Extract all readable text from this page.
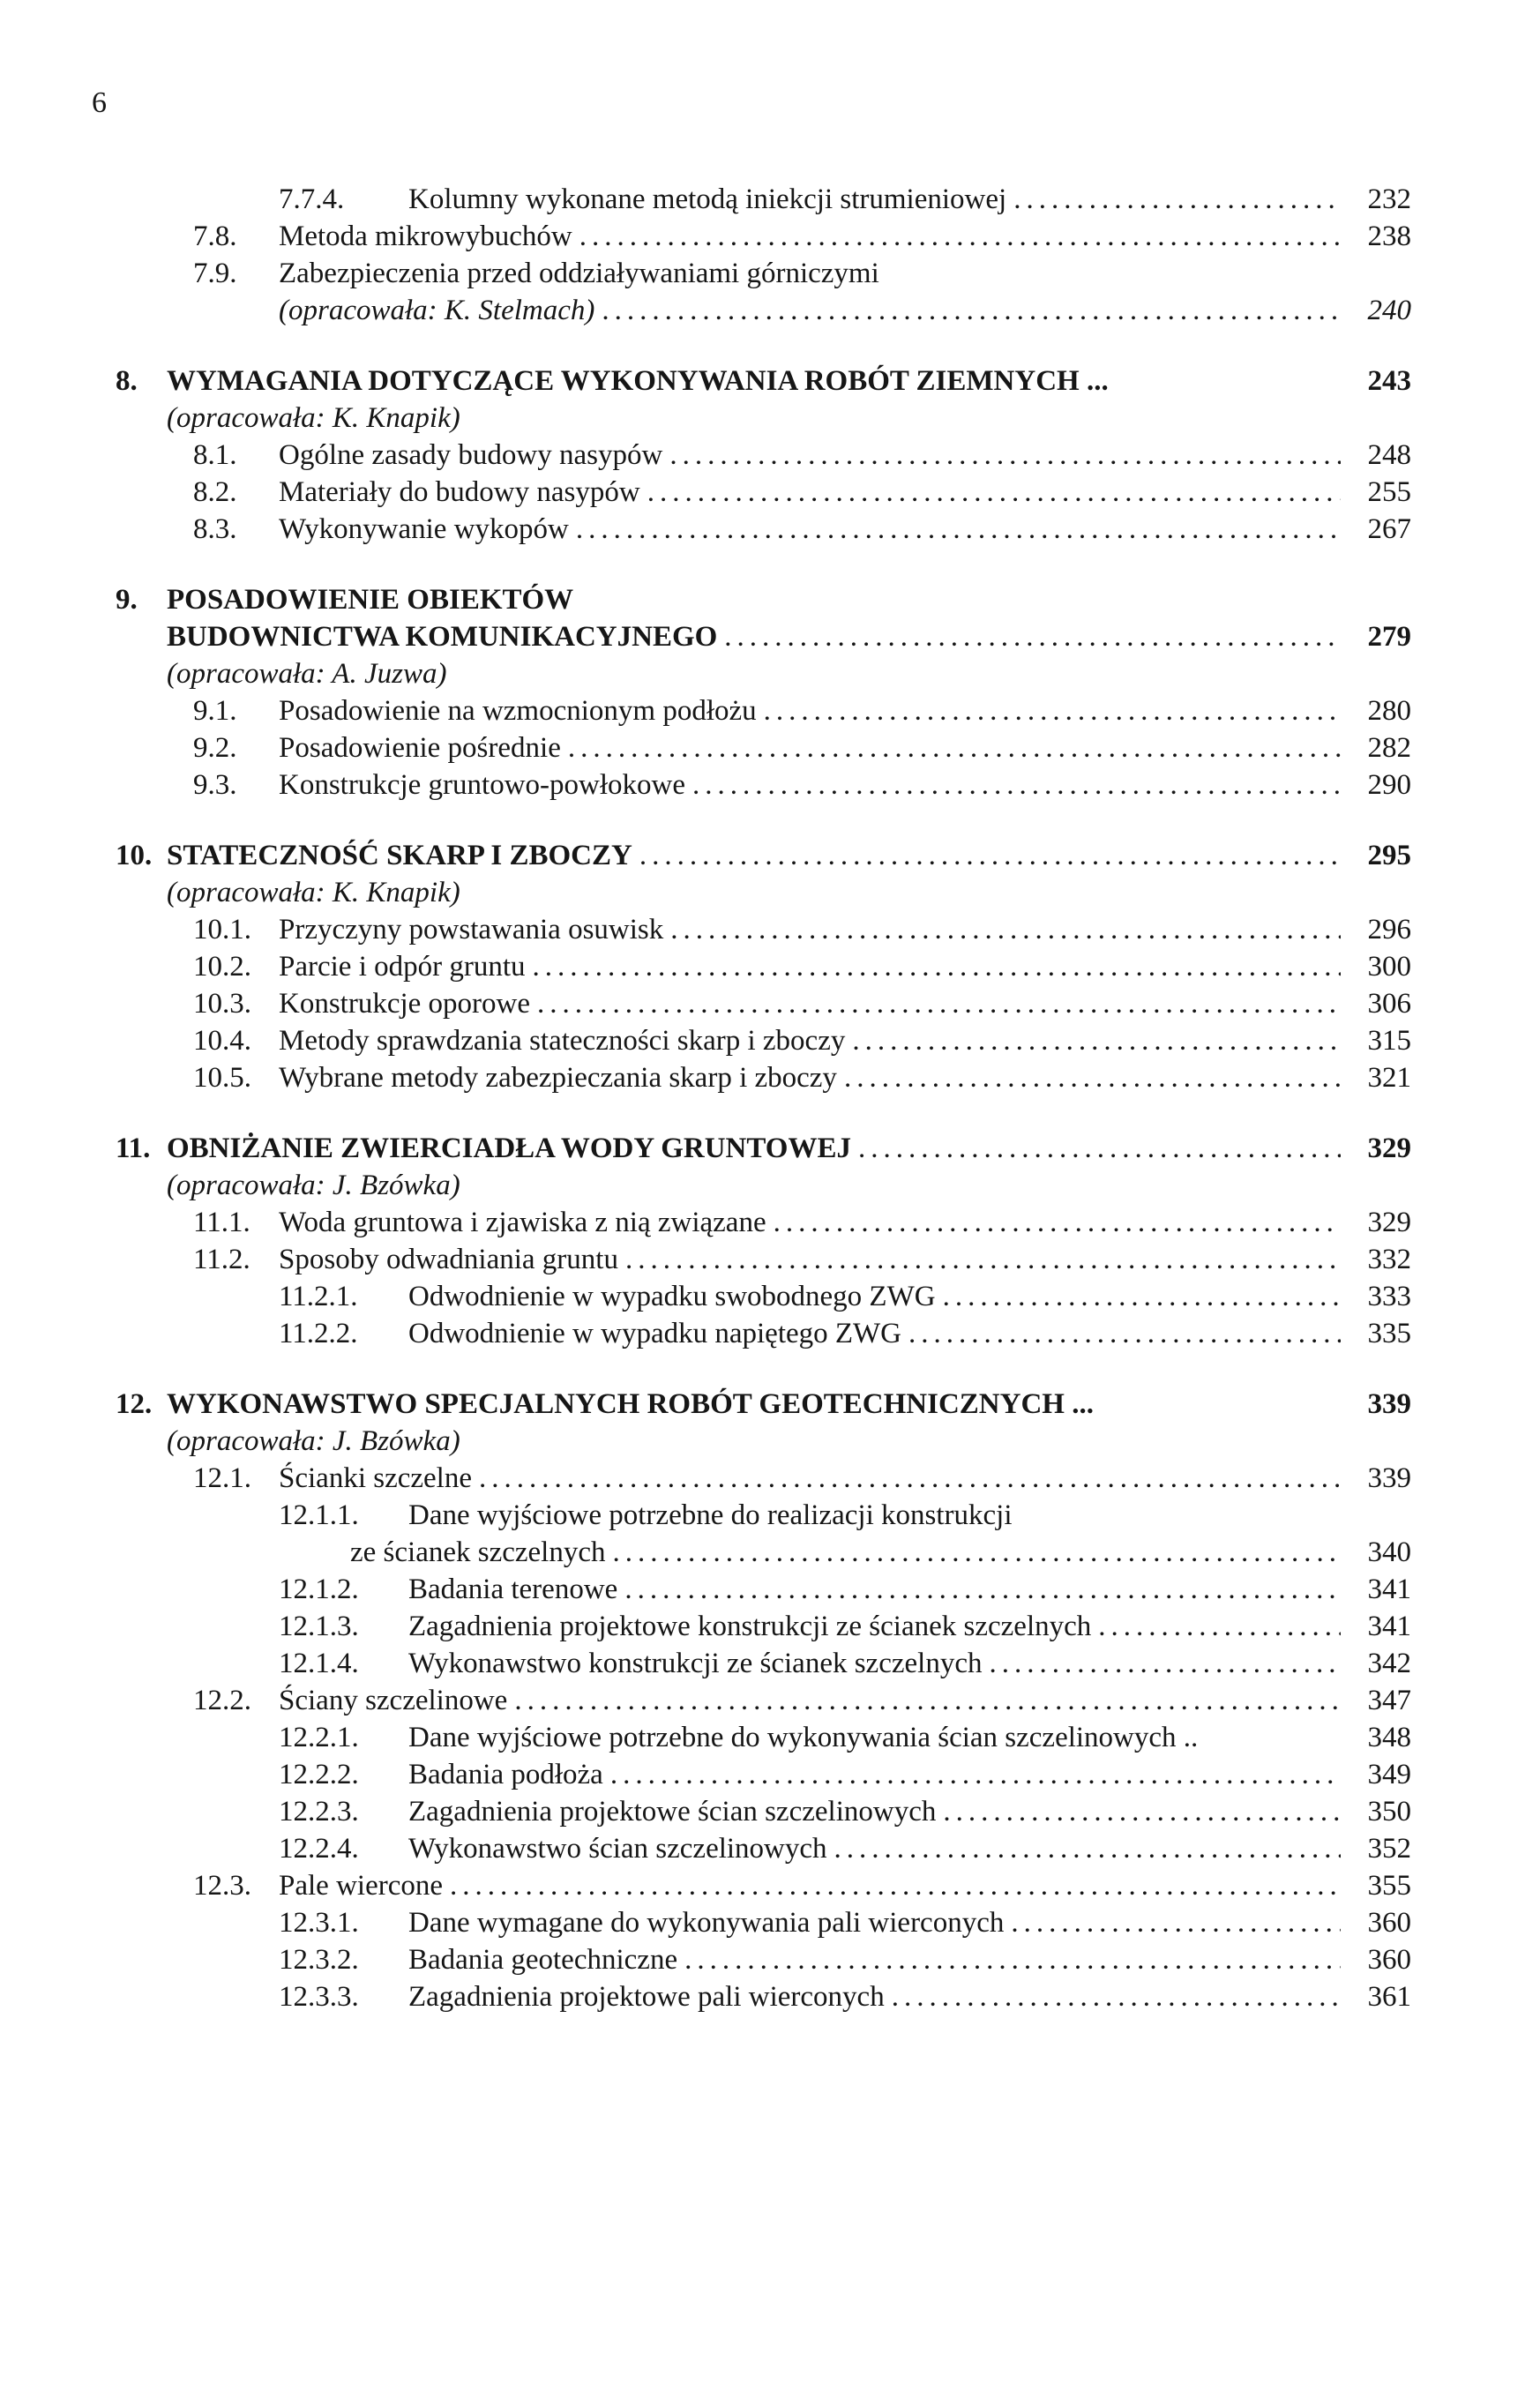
6
7.7.4.	Kolumny wykonane metodą iniekcji strumieniowej .....	232
7.8.	Metoda mikrowybuchów .....	238
7.9.	Zabezpieczenia przed oddziaływaniami górniczymi
(opracowała: K. Stelmach) .....	240
8.	WYMAGANIA DOTYCZĄCE WYKONYWANIA ROBÓT ZIEMNYCH ...	243
(opracowała: K. Knapik)
8.1.	Ogólne zasady budowy nasypów .....	248
8.2.	Materiały do budowy nasypów .....	255
8.3.	Wykonywanie wykopów .....	267
9.	POSADOWIENIE OBIEKTÓW
BUDOWNICTWA KOMUNIKACYJNEGO .....	279
(opracowała: A. Juzwa)
9.1.	Posadowienie na wzmocnionym podłożu .....	280
9.2.	Posadowienie pośrednie .....	282
9.3.	Konstrukcje gruntowo-powłokowe .....	290
10. STATECZNOŚĆ SKARP I ZBOCZY .....	295
(opracowała: K. Knapik)
10.1. Przyczyny powstawania osuwisk .....	296
10.2. Parcie i odpór gruntu .....	300
10.3. Konstrukcje oporowe .....	306
10.4. Metody sprawdzania stateczności skarp i zboczy .....	315
10.5. Wybrane metody zabezpieczania skarp i zboczy .....	321
11. OBNIŻANIE ZWIERCIADŁA WODY GRUNTOWEJ .....	329
(opracowała: J. Bzówka)
11.1. Woda gruntowa i zjawiska z nią związane .....	329
11.2. Sposoby odwadniania gruntu .....	332
11.2.1.	Odwodnienie w wypadku swobodnego ZWG .....	333
11.2.2.	Odwodnienie w wypadku napiętego ZWG .....	335
12. WYKONAWSTWO SPECJALNYCH ROBÓT GEOTECHNICZNYCH ...	339
(opracowała: J. Bzówka)
12.1. Ścianki szczelne .....	339
12.1.1.	Dane wyjściowe potrzebne do realizacji konstrukcji
ze ścianek szczelnych .....	340
12.1.2.	Badania terenowe .....	341
12.1.3.	Zagadnienia projektowe konstrukcji ze ścianek szczelnych .....	341
12.1.4.	Wykonawstwo konstrukcji ze ścianek szczelnych .....	342
12.2. Ściany szczelinowe .....	347
12.2.1.	Dane wyjściowe potrzebne do wykonywania ścian szczelinowych ..	348
12.2.2.	Badania podłoża .....	349
12.2.3.	Zagadnienia projektowe ścian szczelinowych .....	350
12.2.4.	Wykonawstwo ścian szczelinowych .....	352
12.3. Pale wiercone .....	355
12.3.1.	Dane wymagane do wykonywania pali wierconych .....	360
12.3.2.	Badania geotechniczne .....	360
12.3.3.	Zagadnienia projektowe pali wierconych .....	361
